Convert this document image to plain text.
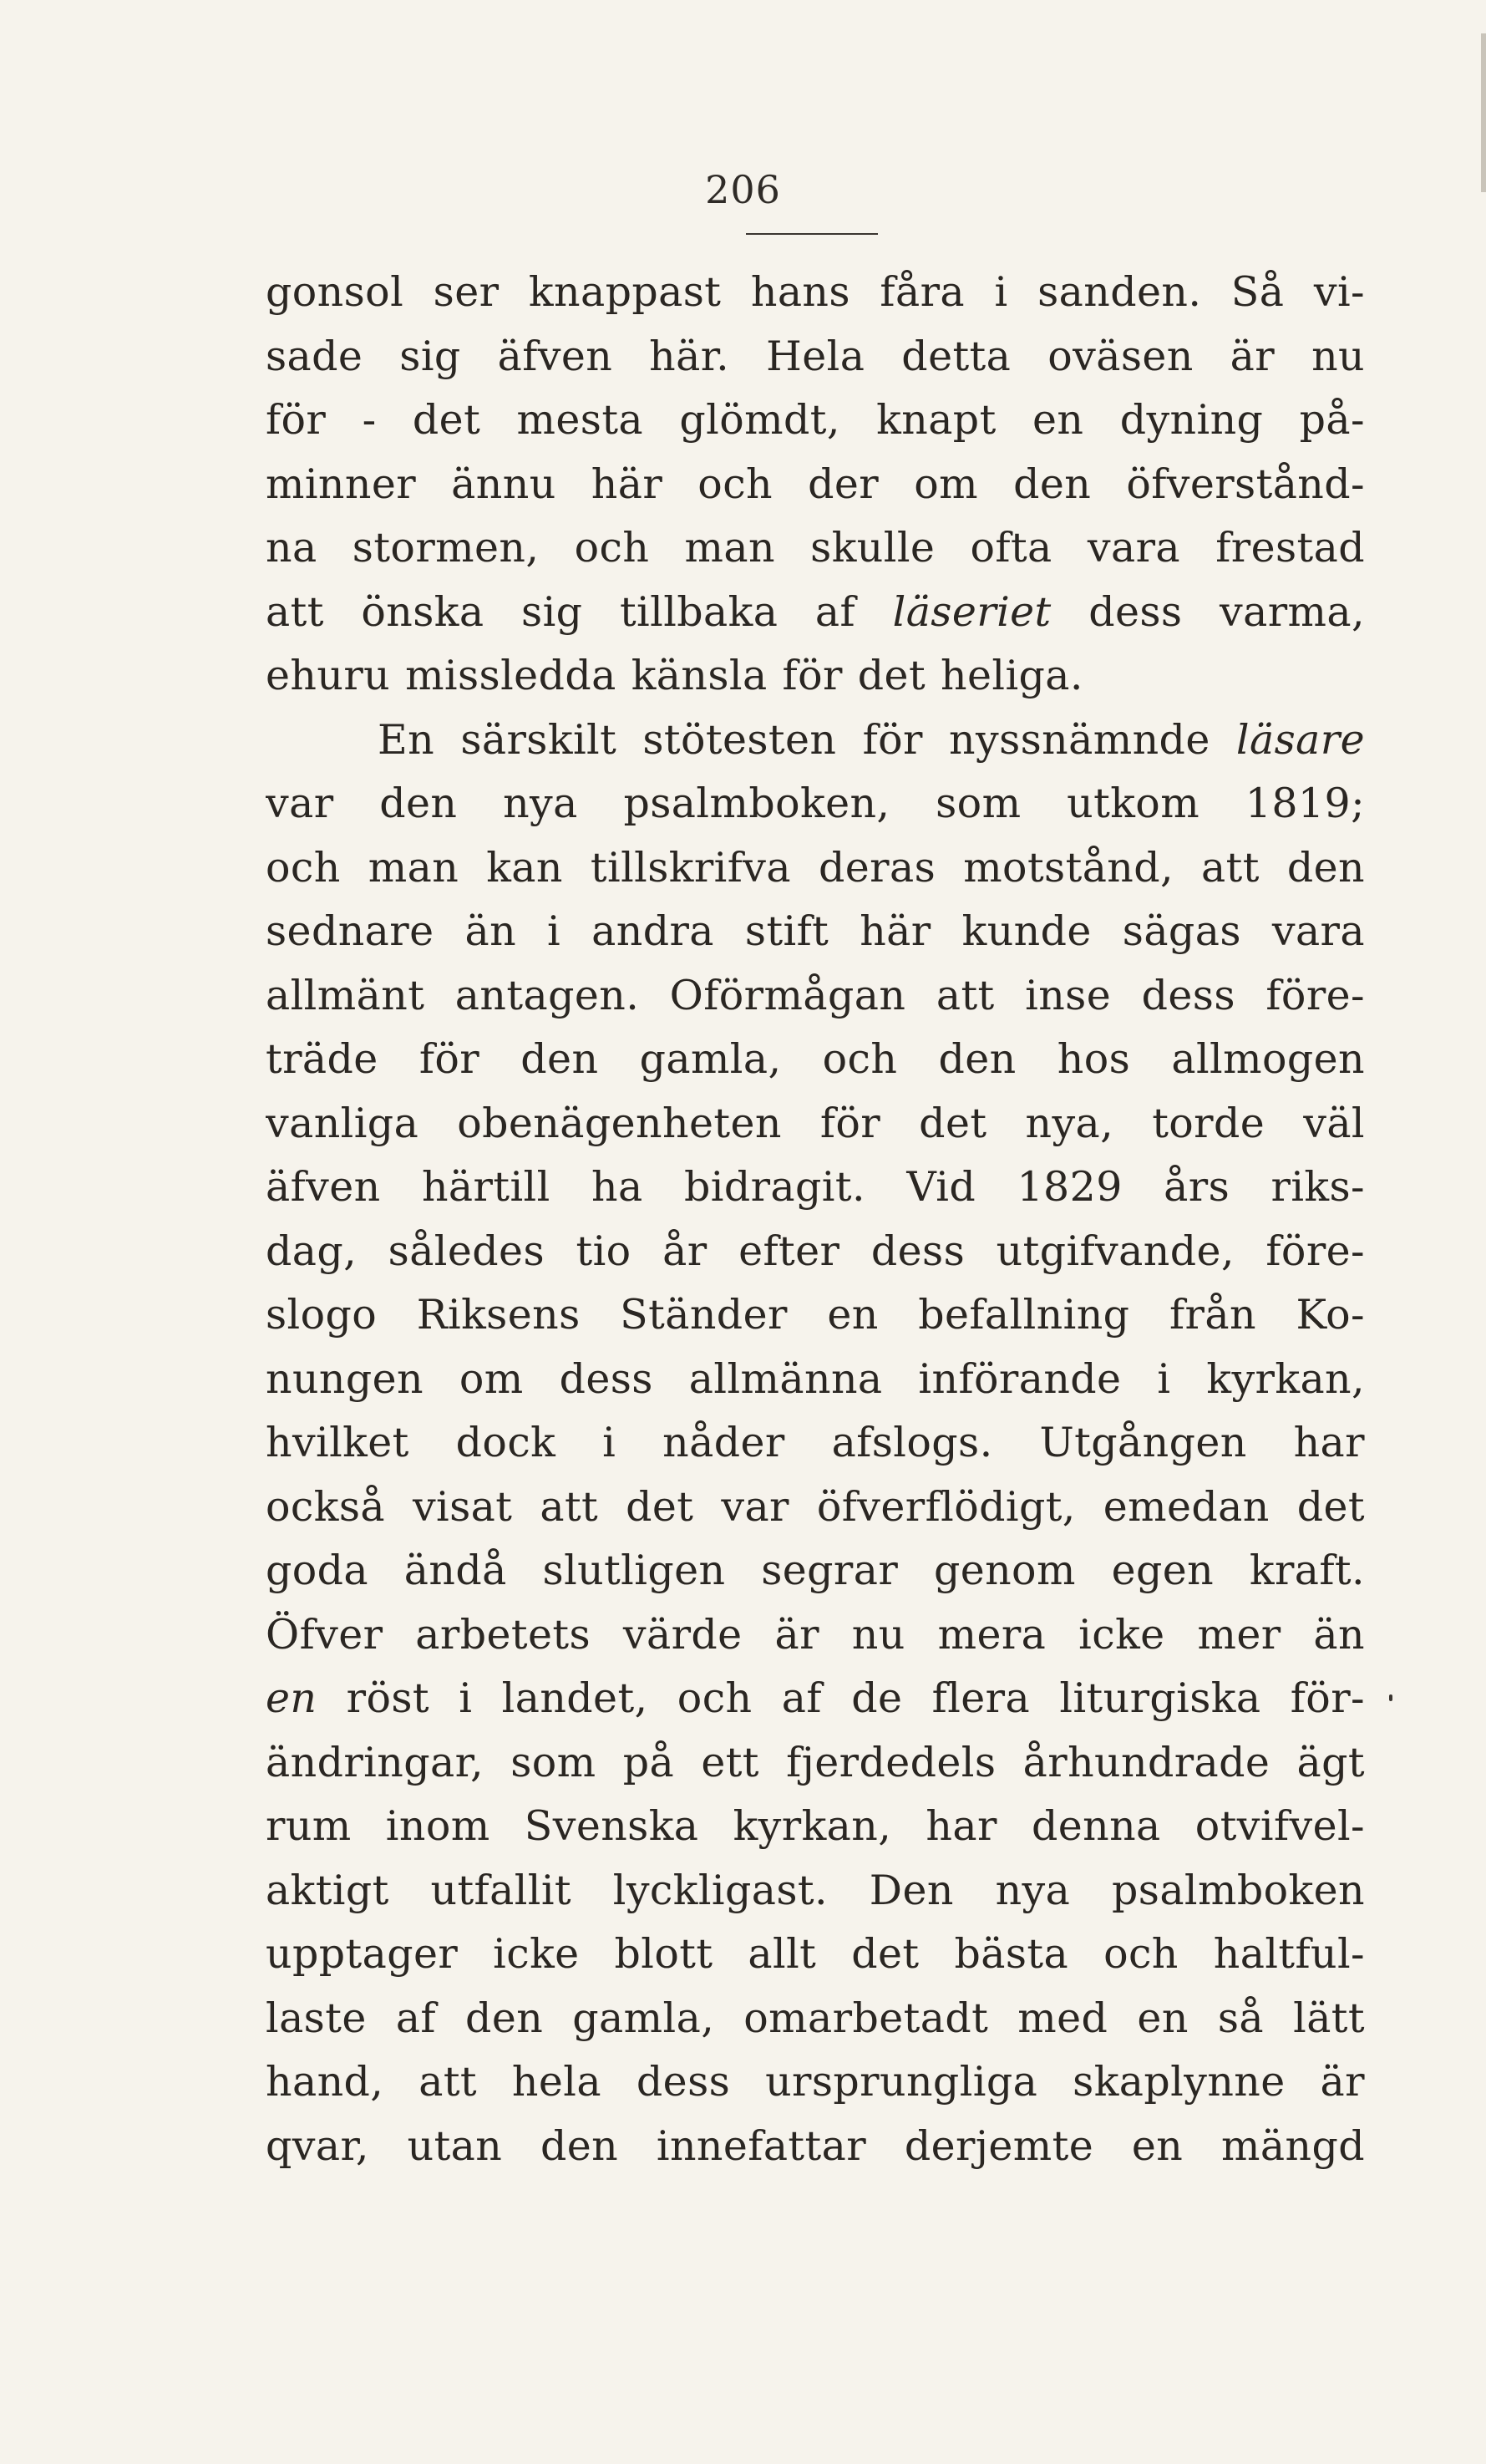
206
gonsol ser knappast hans fåra i sanden. Så vi-
sade sig äfven här. Hela detta oväsen är nu
för - det mesta glömdt, knapt en dyning på-
minner ännu här och der om den öfverstånd-
na stormen, och man skulle ofta vara frestad
att önska sig tillbaka af läseriet dess varma,
ehuru missledda känsla för det heliga.
En särskilt stötesten för nyssnämnde läsare
var den nya psalmboken, som utkom 1819;
och man kan tillskrifva deras motstånd, att den
sednare än i andra stift här kunde sägas vara
allmänt antagen. Oförmågan att inse dess före-
träde för den gamla, och den hos allmogen
vanliga obenägenheten för det nya, torde väl
äfven härtill ha bidragit. Vid 1829 års riks-
dag, således tio år efter dess utgifvande, före-
slogo Riksens Ständer en befallning från Ko-
nungen om dess allmänna införande i kyrkan,
hvilket dock i nåder afslogs. Utgången har
också visat att det var öfverflödigt, emedan det
goda ändå slutligen segrar genom egen kraft.
Öfver arbetets värde är nu mera icke mer än
en röst i landet, och af de flera liturgiska för-
ändringar, som på ett fjerdedels århundrade ägt
rum inom Svenska kyrkan, har denna otvifvel-
aktigt utfallit lyckligast. Den nya psalmboken
upptager icke blott allt det bästa och haltful-
laste af den gamla, omarbetadt med en så lätt
hand, att hela dess ursprungliga skaplynne är
qvar, utan den innefattar derjemte en mängd
